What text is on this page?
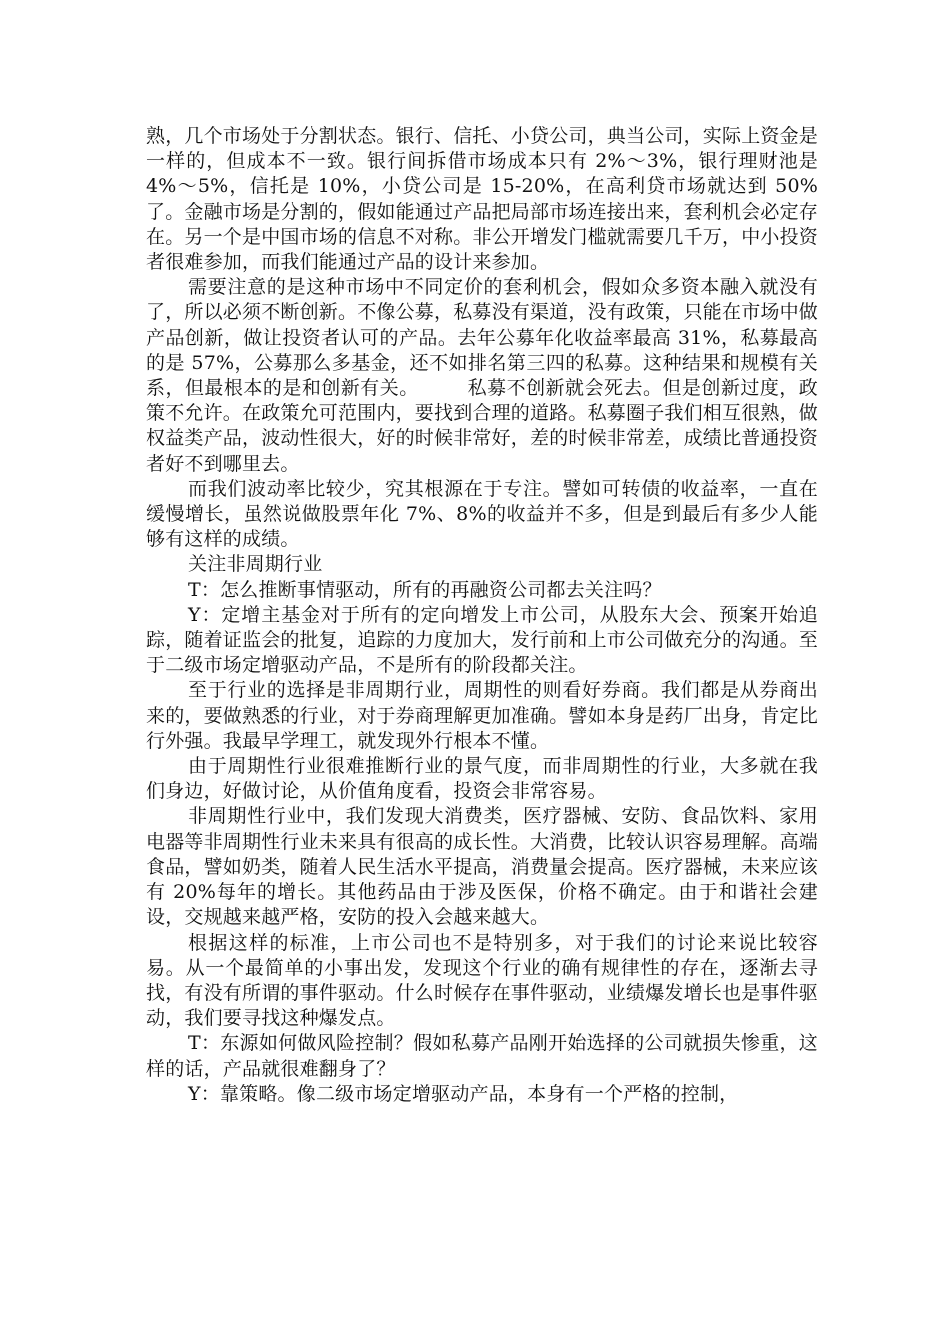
熟，几个市场处于分割状态。银行、信托、小贷公司，典当公司，实际上资金是一样的，但成本不一致。银行间拆借市场成本只有 2%～3%，银行理财池是 4%～5%，信托是 10%，小贷公司是 15-20%，在高利贷市场就达到 50%了。金融市场是分割的，假如能通过产品把局部市场连接出来，套利机会必定存在。另一个是中国市场的信息不对称。非公开增发门槛就需要几千万，中小投资者很难参加，而我们能通过产品的设计来参加。

需要注意的是这种市场中不同定价的套利机会，假如众多资本融入就没有了，所以必须不断创新。不像公募，私募没有渠道，没有政策，只能在市场中做产品创新，做让投资者认可的产品。去年公募年化收益率最高 31%，私募最高的是 57%，公募那么多基金，还不如排名第三四的私募。这种结果和规模有关系，但最根本的是和创新有关。　　　私募不创新就会死去。但是创新过度，政策不允许。在政策允可范围内，要找到合理的道路。私募圈子我们相互很熟，做权益类产品，波动性很大，好的时候非常好，差的时候非常差，成绩比普通投资者好不到哪里去。

而我们波动率比较少，究其根源在于专注。譬如可转债的收益率，一直在缓慢增长，虽然说做股票年化 7%、8%的收益并不多，但是到最后有多少人能够有这样的成绩。

关注非周期行业

T：怎么推断事情驱动，所有的再融资公司都去关注吗？

Y：定增主基金对于所有的定向增发上市公司，从股东大会、预案开始追踪，随着证监会的批复，追踪的力度加大，发行前和上市公司做充分的沟通。至于二级市场定增驱动产品，不是所有的阶段都关注。

至于行业的选择是非周期行业，周期性的则看好券商。我们都是从券商出来的，要做熟悉的行业，对于券商理解更加准确。譬如本身是药厂出身，肯定比行外强。我最早学理工，就发现外行根本不懂。

由于周期性行业很难推断行业的景气度，而非周期性的行业，大多就在我们身边，好做讨论，从价值角度看，投资会非常容易。

非周期性行业中，我们发现大消费类，医疗器械、安防、食品饮料、家用电器等非周期性行业未来具有很高的成长性。大消费，比较认识容易理解。高端食品，譬如奶类，随着人民生活水平提高，消费量会提高。医疗器械，未来应该有 20%每年的增长。其他药品由于涉及医保，价格不确定。由于和谐社会建设，交规越来越严格，安防的投入会越来越大。

根据这样的标准，上市公司也不是特别多，对于我们的讨论来说比较容易。从一个最简单的小事出发，发现这个行业的确有规律性的存在，逐渐去寻找，有没有所谓的事件驱动。什么时候存在事件驱动，业绩爆发增长也是事件驱动，我们要寻找这种爆发点。

T：东源如何做风险控制？假如私募产品刚开始选择的公司就损失惨重，这样的话，产品就很难翻身了？

Y：靠策略。像二级市场定增驱动产品，本身有一个严格的控制，
